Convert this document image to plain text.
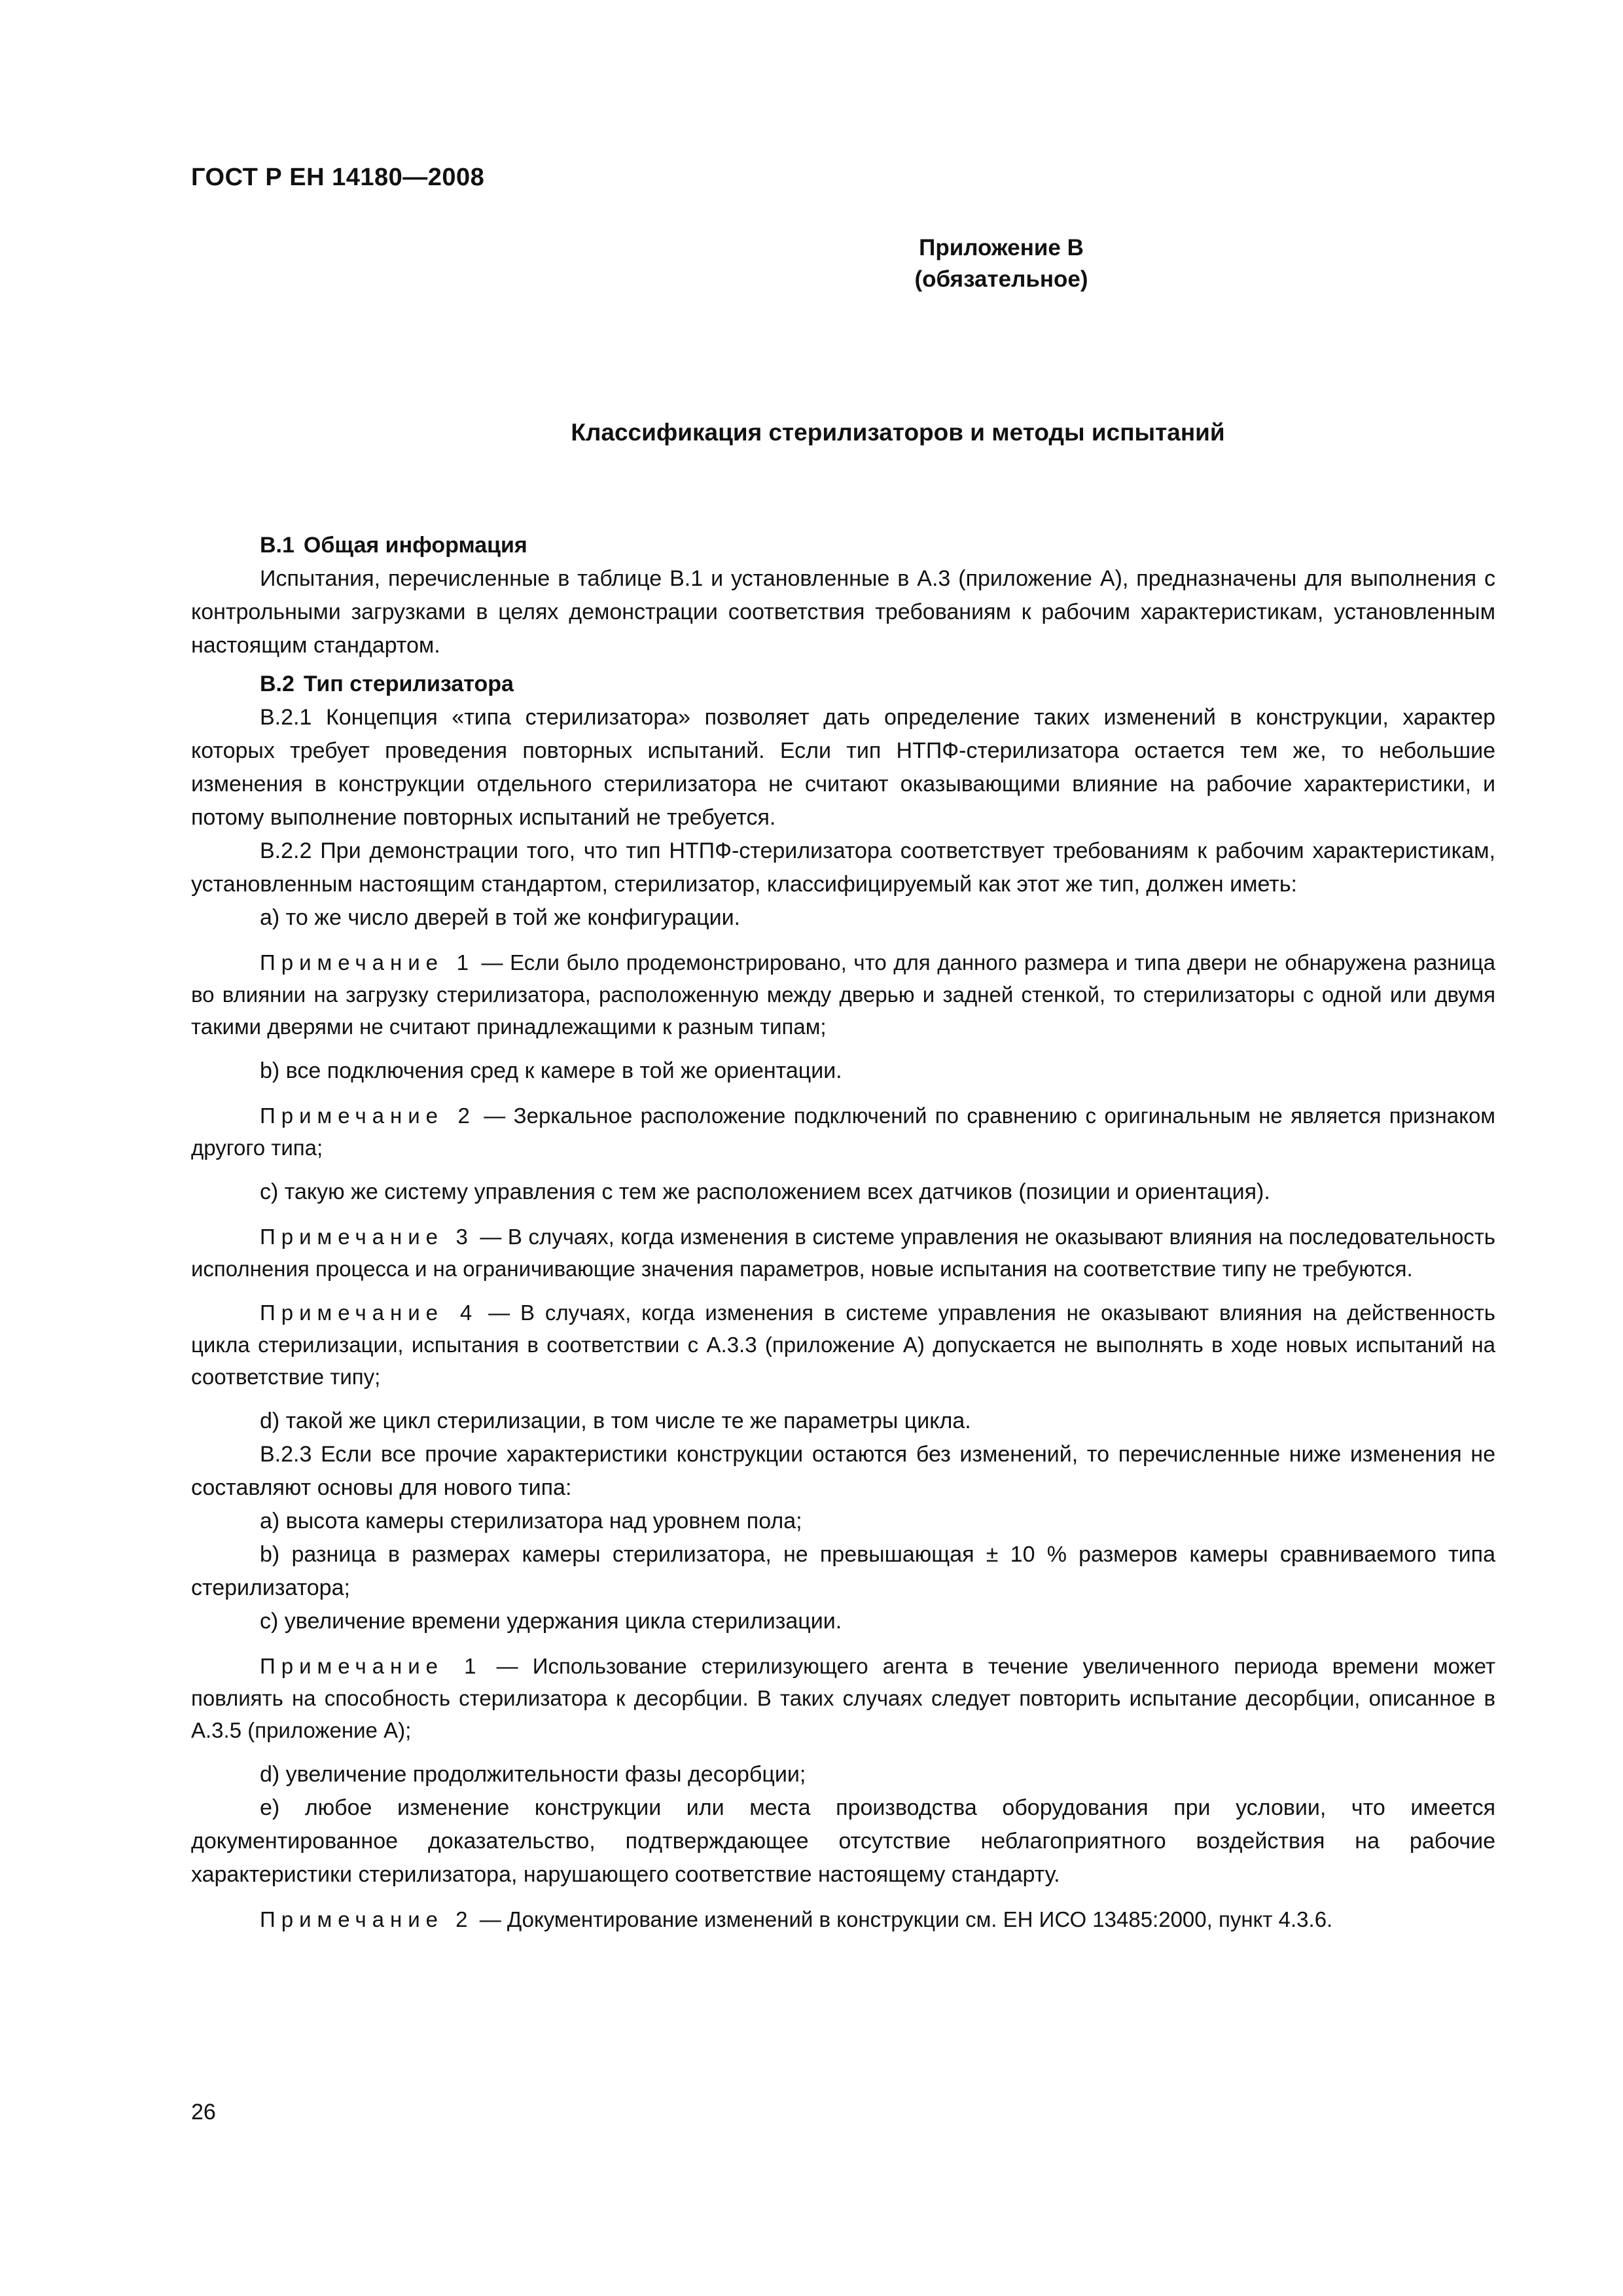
ГОСТ Р ЕН 14180—2008
Приложение В
(обязательное)
Классификация стерилизаторов и методы испытаний
В.1 Общая информация

Испытания, перечисленные в таблице В.1 и установленные в А.3 (приложение А), предназначены для выполнения с контрольными загрузками в целях демонстрации соответствия требованиям к рабочим характеристикам, установленным настоящим стандартом.

В.2 Тип стерилизатора

В.2.1 Концепция «типа стерилизатора» позволяет дать определение таких изменений в конструкции, характер которых требует проведения повторных испытаний. Если тип НТПФ-стерилизатора остается тем же, то небольшие изменения в конструкции отдельного стерилизатора не считают оказывающими влияние на рабочие характеристики, и потому выполнение повторных испытаний не требуется.

В.2.2 При демонстрации того, что тип НТПФ-стерилизатора соответствует требованиям к рабочим характеристикам, установленным настоящим стандартом, стерилизатор, классифицируемый как этот же тип, должен иметь:

а) то же число дверей в той же конфигурации.

Примечание 1 — Если было продемонстрировано, что для данного размера и типа двери не обнаружена разница во влиянии на загрузку стерилизатора, расположенную между дверью и задней стенкой, то стерилизаторы с одной или двумя такими дверями не считают принадлежащими к разным типам;

b) все подключения сред к камере в той же ориентации.

Примечание 2 — Зеркальное расположение подключений по сравнению с оригинальным не является признаком другого типа;

с) такую же систему управления с тем же расположением всех датчиков (позиции и ориентация).

Примечание 3 — В случаях, когда изменения в системе управления не оказывают влияния на последовательность исполнения процесса и на ограничивающие значения параметров, новые испытания на соответствие типу не требуются.

Примечание 4 — В случаях, когда изменения в системе управления не оказывают влияния на действенность цикла стерилизации, испытания в соответствии с А.3.3 (приложение А) допускается не выполнять в ходе новых испытаний на соответствие типу;

d) такой же цикл стерилизации, в том числе те же параметры цикла.

В.2.3 Если все прочие характеристики конструкции остаются без изменений, то перечисленные ниже изменения не составляют основы для нового типа:

а) высота камеры стерилизатора над уровнем пола;

b) разница в размерах камеры стерилизатора, не превышающая ± 10 % размеров камеры сравниваемого типа стерилизатора;

с) увеличение времени удержания цикла стерилизации.

Примечание 1 — Использование стерилизующего агента в течение увеличенного периода времени может повлиять на способность стерилизатора к десорбции. В таких случаях следует повторить испытание десорбции, описанное в А.3.5 (приложение А);

d) увеличение продолжительности фазы десорбции;

е) любое изменение конструкции или места производства оборудования при условии, что имеется документированное доказательство, подтверждающее отсутствие неблагоприятного воздействия на рабочие характеристики стерилизатора, нарушающего соответствие настоящему стандарту.

Примечание 2 — Документирование изменений в конструкции см. ЕН ИСО 13485:2000, пункт 4.3.6.

26
